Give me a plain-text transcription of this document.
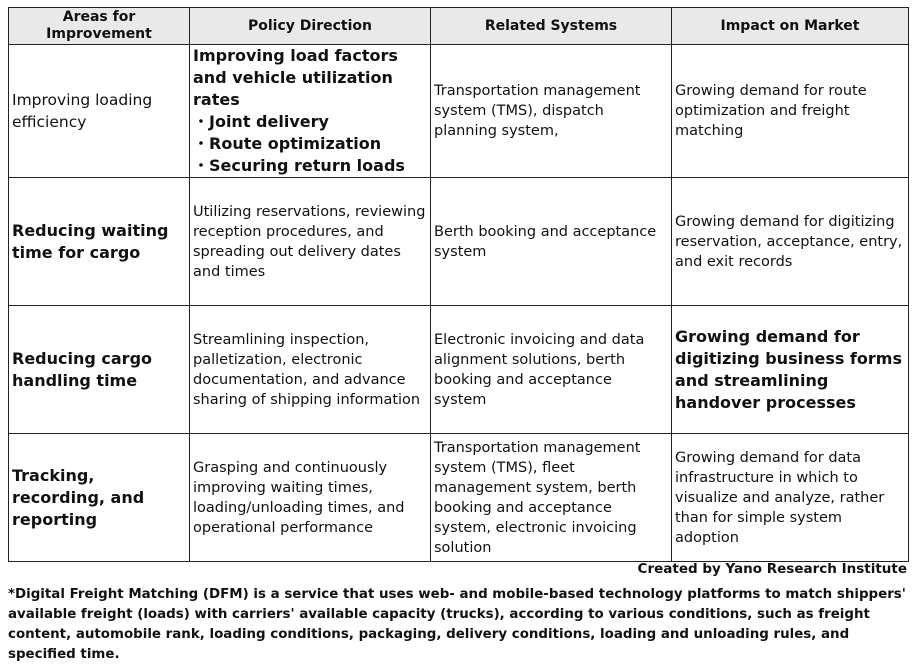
Areas for Improvement	Policy Direction	Related Systems	Impact on Market
Improving loading efficiency	Improving load factors and vehicle utilization rates
・Joint delivery
・Route optimization
・Securing return loads	Transportation management system (TMS), dispatch planning system,	Growing demand for route optimization and freight matching
Reducing waiting time for cargo	Utilizing reservations, reviewing reception procedures, and spreading out delivery dates and times	Berth booking and acceptance system	Growing demand for digitizing reservation, acceptance, entry, and exit records
Reducing cargo handling time	Streamlining inspection, palletization, electronic documentation, and advance sharing of shipping information	Electronic invoicing and data alignment solutions, berth booking and acceptance system	Growing demand for digitizing business forms and streamlining handover processes
Tracking, recording, and reporting	Grasping and continuously improving waiting times, loading/unloading times, and operational performance	Transportation management system (TMS), fleet management system, berth booking and acceptance system, electronic invoicing solution	Growing demand for data infrastructure in which to visualize and analyze, rather than for simple system adoption
Created by Yano Research Institute
*Digital Freight Matching (DFM) is a service that uses web- and mobile-based technology platforms to match shippers' available freight (loads) with carriers' available capacity (trucks), according to various conditions, such as freight content, automobile rank, loading conditions, packaging, delivery conditions, loading and unloading rules, and specified time.
